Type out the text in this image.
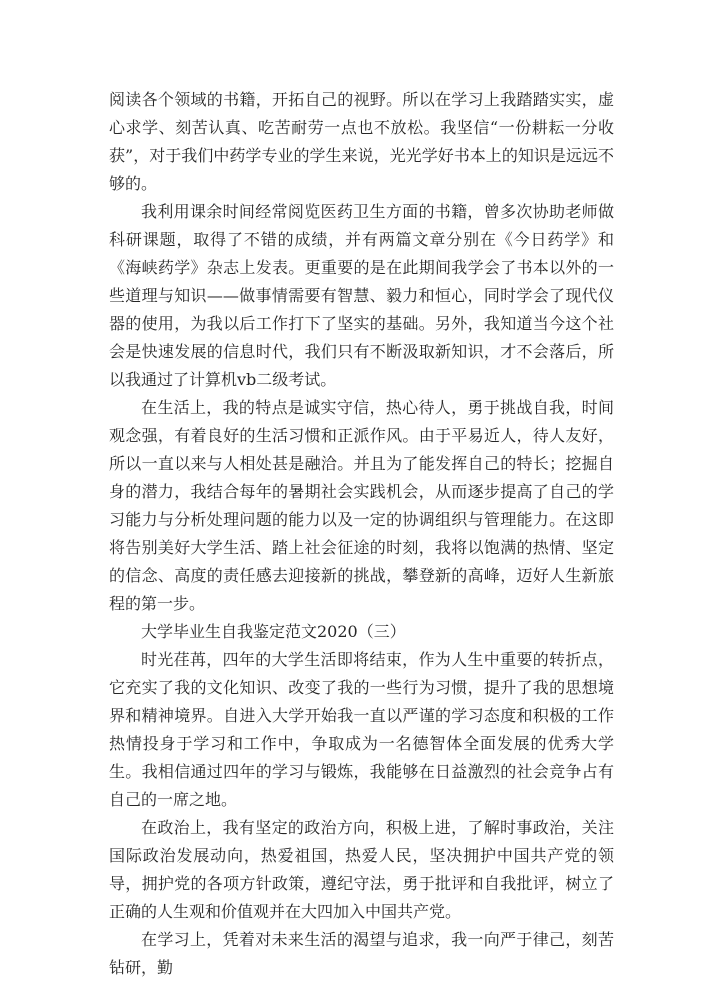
阅读各个领域的书籍，开拓自己的视野。所以在学习上我踏踏实实，虚心求学、刻苦认真、吃苦耐劳一点也不放松。我坚信“一份耕耘一分收获”，对于我们中药学专业的学生来说，光光学好书本上的知识是远远不够的。

我利用课余时间经常阅览医药卫生方面的书籍，曾多次协助老师做科研课题，取得了不错的成绩，并有两篇文章分别在《今日药学》和《海峡药学》杂志上发表。更重要的是在此期间我学会了书本以外的一些道理与知识——做事情需要有智慧、毅力和恒心，同时学会了现代仪器的使用，为我以后工作打下了坚实的基础。另外，我知道当今这个社会是快速发展的信息时代，我们只有不断汲取新知识，才不会落后，所以我通过了计算机vb二级考试。

在生活上，我的特点是诚实守信，热心待人，勇于挑战自我，时间观念强，有着良好的生活习惯和正派作风。由于平易近人，待人友好，所以一直以来与人相处甚是融洽。并且为了能发挥自己的特长；挖掘自身的潜力，我结合每年的暑期社会实践机会，从而逐步提高了自己的学习能力与分析处理问题的能力以及一定的协调组织与管理能力。在这即将告别美好大学生活、踏上社会征途的时刻，我将以饱满的热情、坚定的信念、高度的责任感去迎接新的挑战，攀登新的高峰，迈好人生新旅程的第一步。

大学毕业生自我鉴定范文2020（三）

时光荏苒，四年的大学生活即将结束，作为人生中重要的转折点，它充实了我的文化知识、改变了我的一些行为习惯，提升了我的思想境界和精神境界。自进入大学开始我一直以严谨的学习态度和积极的工作热情投身于学习和工作中，争取成为一名德智体全面发展的优秀大学生。我相信通过四年的学习与锻炼，我能够在日益激烈的社会竞争占有自己的一席之地。

在政治上，我有坚定的政治方向，积极上进，了解时事政治，关注国际政治发展动向，热爱祖国，热爱人民，坚决拥护中国共产党的领导，拥护党的各项方针政策，遵纪守法，勇于批评和自我批评，树立了正确的人生观和价值观并在大四加入中国共产党。

在学习上，凭着对未来生活的渴望与追求，我一向严于律己，刻苦钻研，勤
